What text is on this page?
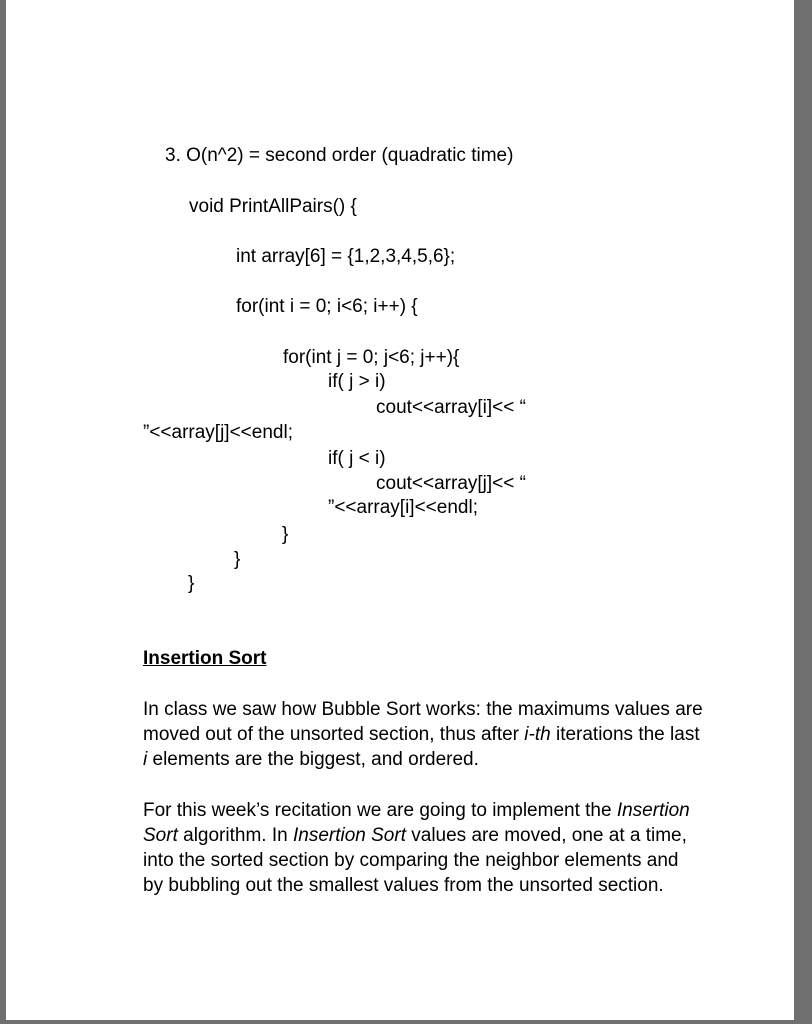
3. O(n^2) = second order (quadratic time)
void PrintAllPairs() {
int array[6] = {1,2,3,4,5,6};
for(int i = 0; i<6; i++) {
for(int j = 0; j<6; j++){
if( j > i)
cout<<array[i]<< “
”<<array[j]<<endl;
if( j < i)
cout<<array[j]<< “
”<<array[i]<<endl;
}
}
}
Insertion Sort
In class we saw how Bubble Sort works: the maximums values are moved out of the unsorted section, thus after i-th iterations the last i elements are the biggest, and ordered.
For this week’s recitation we are going to implement the Insertion Sort algorithm. In Insertion Sort values are moved, one at a time, into the sorted section by comparing the neighbor elements and by bubbling out the smallest values from the unsorted section.
